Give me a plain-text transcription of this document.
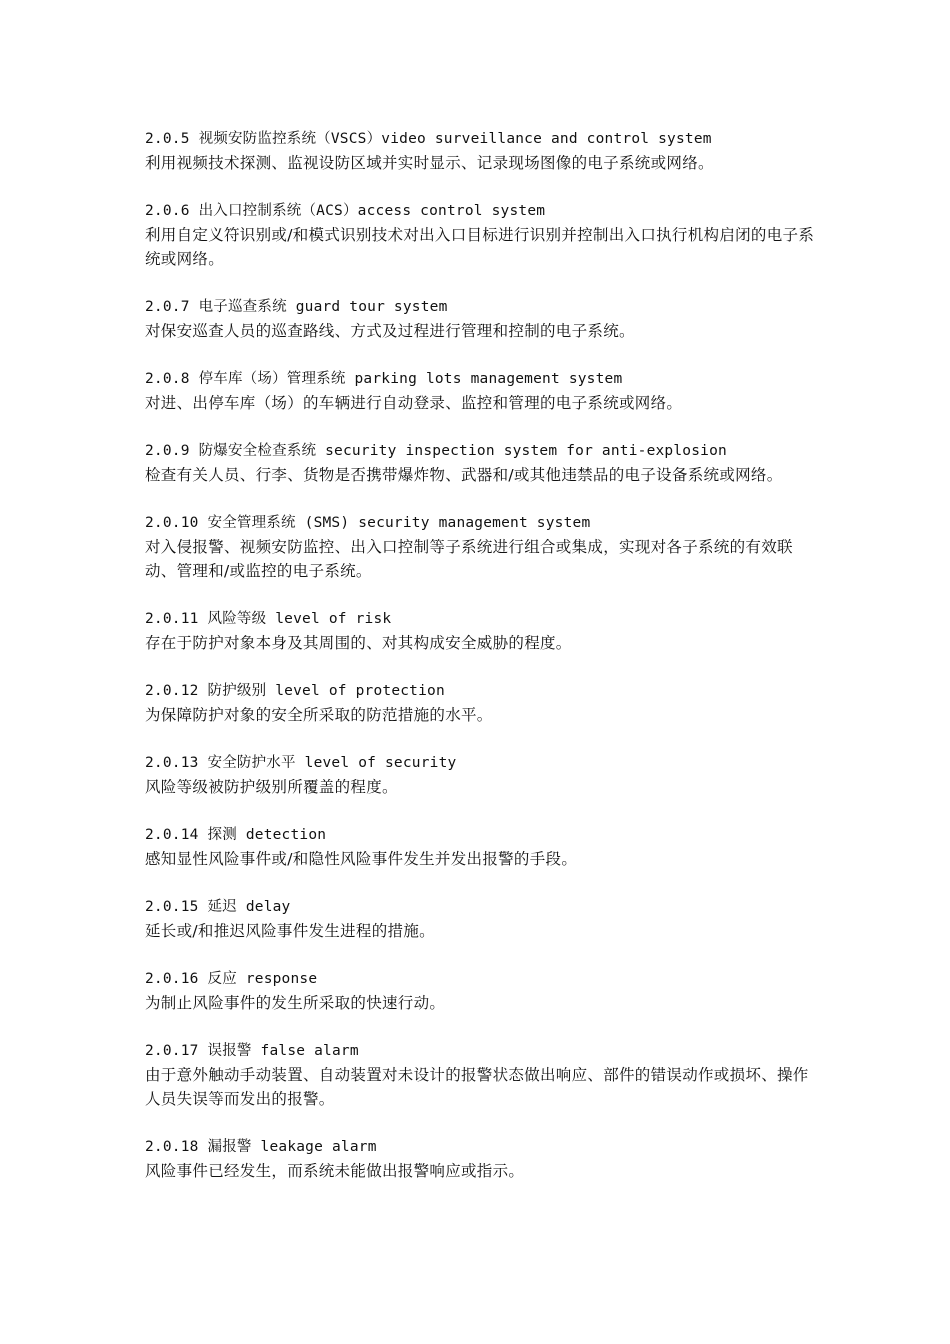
2.0.5 视频安防监控系统（VSCS）video surveillance and control system
利用视频技术探测、监视设防区域并实时显示、记录现场图像的电子系统或网络。
2.0.6 出入口控制系统（ACS）access control system
利用自定义符识别或/和模式识别技术对出入口目标进行识别并控制出入口执行机构启闭的电子系统或网络。
2.0.7 电子巡查系统 guard tour system
对保安巡查人员的巡查路线、方式及过程进行管理和控制的电子系统。
2.0.8 停车库（场）管理系统 parking lots management system
对进、出停车库（场）的车辆进行自动登录、监控和管理的电子系统或网络。
2.0.9 防爆安全检查系统 security inspection system for anti-explosion
检查有关人员、行李、货物是否携带爆炸物、武器和/或其他违禁品的电子设备系统或网络。
2.0.10 安全管理系统 (SMS) security management system
对入侵报警、视频安防监控、出入口控制等子系统进行组合或集成，实现对各子系统的有效联动、管理和/或监控的电子系统。
2.0.11 风险等级 level of risk
存在于防护对象本身及其周围的、对其构成安全威胁的程度。
2.0.12 防护级别 level of protection
为保障防护对象的安全所采取的防范措施的水平。
2.0.13 安全防护水平 level of security
风险等级被防护级别所覆盖的程度。
2.0.14 探测 detection
感知显性风险事件或/和隐性风险事件发生并发出报警的手段。
2.0.15 延迟 delay
延长或/和推迟风险事件发生进程的措施。
2.0.16 反应 response
为制止风险事件的发生所采取的快速行动。
2.0.17 误报警 false alarm
由于意外触动手动装置、自动装置对未设计的报警状态做出响应、部件的错误动作或损坏、操作人员失误等而发出的报警。
2.0.18 漏报警 leakage alarm
风险事件已经发生，而系统未能做出报警响应或指示。
